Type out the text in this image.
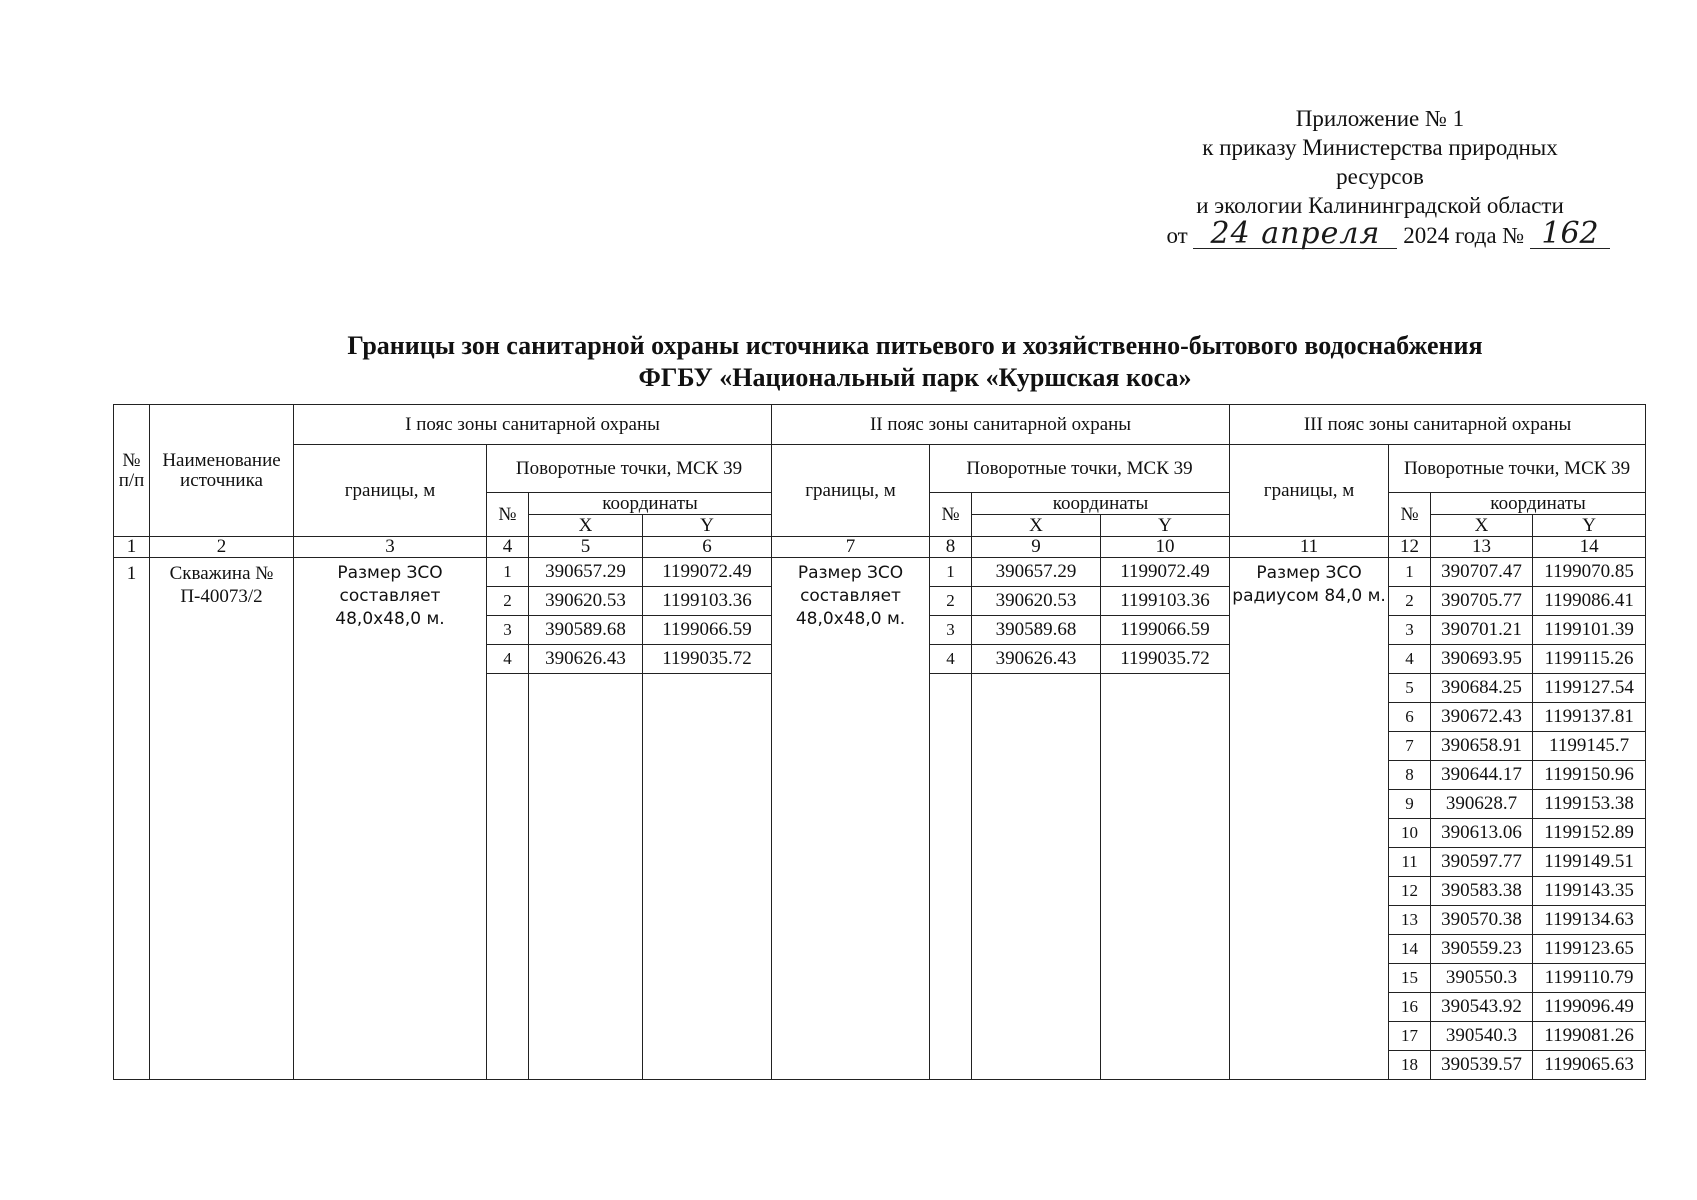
Приложение № 1
к приказу Министерства природных
ресурсов
и экологии Калининградской области
от 24 апреля 2024 года № 162
Границы зон санитарной охраны источника питьевого и хозяйственно-бытового водоснабжения
ФГБУ «Национальный парк «Куршская коса»
№ п/п	Наименование источника	I пояс зоны санитарной охраны				II пояс зоны санитарной охраны				III пояс зоны санитарной охраны			
		границы, м	Поворотные точки, МСК 39			границы, м	Поворотные точки, МСК 39			границы, м	Поворотные точки, МСК 39		
			№	координаты			№	координаты			№	координаты	
				X	Y			X	Y			X	Y
1	2	3	4	5	6	7	8	9	10	11	12	13	14
1	Скважина № П-40073/2	Размер ЗСО составляет 48,0х48,0 м.	1	390657.29	1199072.49	Размер ЗСО составляет 48,0х48,0 м.	1	390657.29	1199072.49	Размер ЗСО радиусом 84,0 м.	1	390707.47	1199070.85
			2	390620.53	1199103.36		2	390620.53	1199103.36		2	390705.77	1199086.41
			3	390589.68	1199066.59		3	390589.68	1199066.59		3	390701.21	1199101.39
			4	390626.43	1199035.72		4	390626.43	1199035.72		4	390693.95	1199115.26
											5	390684.25	1199127.54
											6	390672.43	1199137.81
											7	390658.91	1199145.7
											8	390644.17	1199150.96
											9	390628.7	1199153.38
											10	390613.06	1199152.89
											11	390597.77	1199149.51
											12	390583.38	1199143.35
											13	390570.38	1199134.63
											14	390559.23	1199123.65
											15	390550.3	1199110.79
											16	390543.92	1199096.49
											17	390540.3	1199081.26
											18	390539.57	1199065.63
